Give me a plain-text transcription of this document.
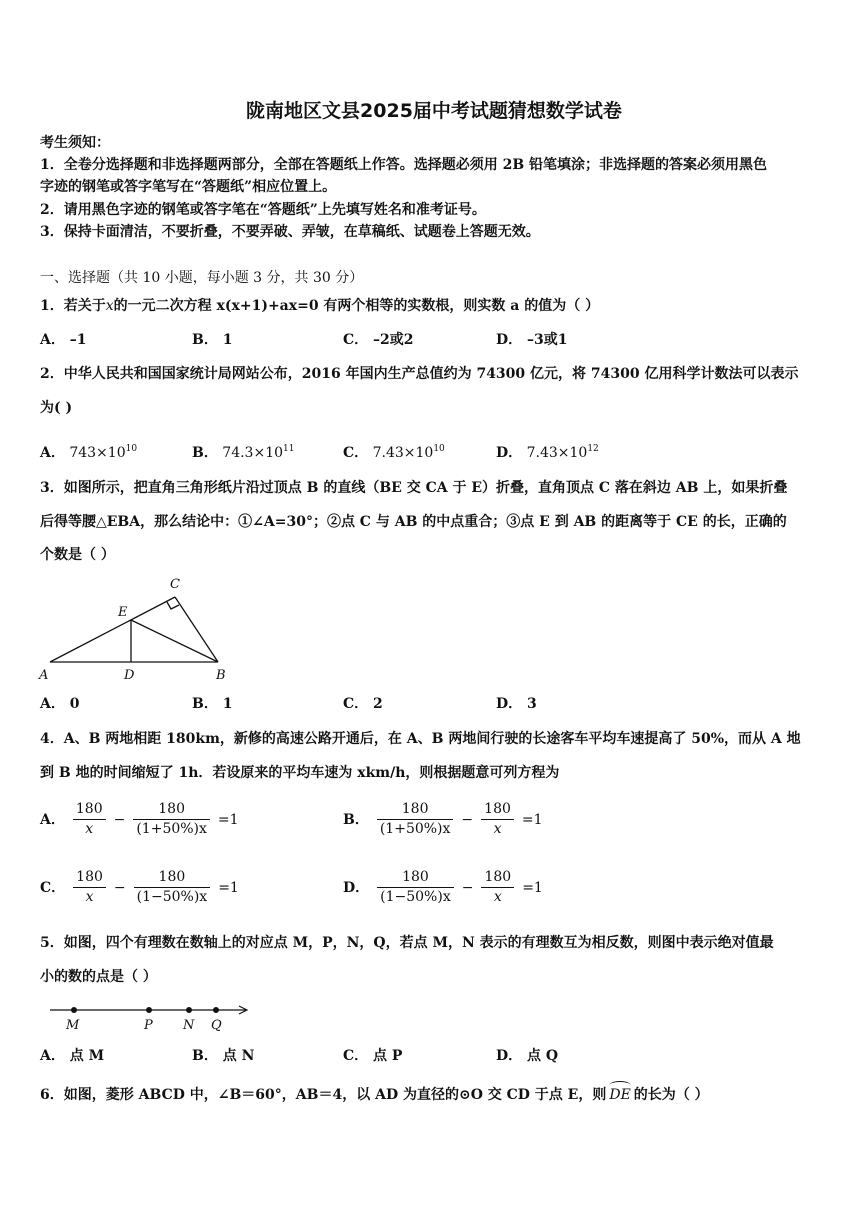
陇南地区文县2025届中考试题猜想数学试卷
考生须知：
1．全卷分选择题和非选择题两部分，全部在答题纸上作答。选择题必须用 2B 铅笔填涂；非选择题的答案必须用黑色
字迹的钢笔或答字笔写在“答题纸”相应位置上。
2．请用黑色字迹的钢笔或答字笔在“答题纸”上先填写姓名和准考证号。
3．保持卡面清洁，不要折叠，不要弄破、弄皱，在草稿纸、试题卷上答题无效。
一、选择题（共 10 小题，每小题 3 分，共 30 分）
1．若关于x的一元二次方程 x(x+1)+ax=0 有两个相等的实数根，则实数 a 的值为（ ）
A． –1	B． 1	C． –2或2	D． –3或1
2．中华人民共和国国家统计局网站公布，2016 年国内生产总值约为 74300 亿元，将 74300 亿用科学计数法可以表示
为( )
A． $743\times 10^{10}$	B． $74.3\times 10^{11}$	C． $7.43\times 10^{10}$	D． $7.43\times 10^{12}$
3．如图所示，把直角三角形纸片沿过顶点 B 的直线（BE 交 CA 于 E）折叠，直角顶点 C 落在斜边 AB 上，如果折叠
后得等腰△EBA，那么结论中：①∠A=30°；②点 C 与 AB 的中点重合；③点 E 到 AB 的距离等于 CE 的长，正确的
个数是（ ）
A	D	B
C
E
A． 0	B． 1	C． 2	D． 3
4．A、B 两地相距 180km，新修的高速公路开通后，在 A、B 两地间行驶的长途客车平均车速提高了 50%，而从 A 地
到 B 地的时间缩短了 1h．若设原来的平均车速为 xkm/h，则根据题意可列方程为
A． $\frac{180}{x} - \frac{180}{(1+50\%)x} =1$	B． $\frac{180}{(1+50\%)x} - \frac{180}{x} =1$
C． $\frac{180}{x} - \frac{180}{(1-50\%)x} =1$	D． $\frac{180}{(1-50\%)x} - \frac{180}{x} =1$
5．如图，四个有理数在数轴上的对应点 M，P，N，Q，若点 M，N 表示的有理数互为相反数，则图中表示绝对值最
小的数的点是（ ）
M	P N Q
A． 点 M	B． 点 N	C． 点 P	D． 点 Q
6．如图，菱形 ABCD 中，∠B＝60°，AB＝4，以 AD 为直径的⊙O 交 CD 于点 E，则 DE 的长为（ ）
